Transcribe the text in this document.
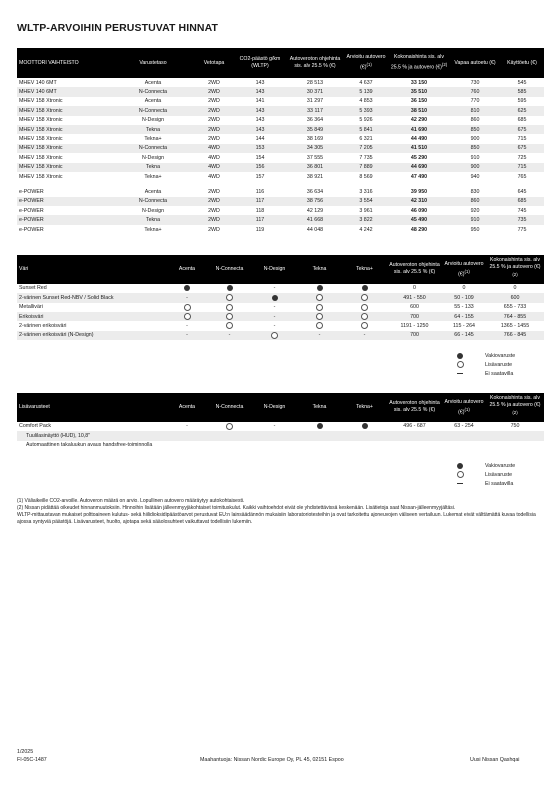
WLTP-ARVOIHIN PERUSTUVAT HINNAT
MOOTTORI VAIHTEISTO	Varustetaso	Vetotapa	CO2-päästö g/km (WLTP)	Autoveroton ohjehinta sis. alv 25.5 % (€)	Arvioitu autovero (€)$^{(1)}$	Kokonaishinta sis. alv 25.5 % ja autovero (€)$^{(2)}$	Vapaa autoetu (€)	Käyttöetu (€)
MHEV 140 6MT	Acenta	2WD	143	28 513	4 637	33 150	730	545
MHEV 140 6MT	N-Connecta	2WD	143	30 371	5 139	35 510	760	585
MHEV 158 Xtronic	Acenta	2WD	141	31 297	4 853	36 150	770	595
MHEV 158 Xtronic	N-Connecta	2WD	143	33 117	5 393	38 510	810	625
MHEV 158 Xtronic	N-Design	2WD	143	36 364	5 926	42 290	860	685
MHEV 158 Xtronic	Tekna	2WD	143	35 849	5 841	41 690	850	675
MHEV 158 Xtronic	Tekna+	2WD	144	38 169	6 321	44 490	900	715
MHEV 158 Xtronic	N-Connecta	4WD	153	34 305	7 205	41 510	850	675
MHEV 158 Xtronic	N-Design	4WD	154	37 555	7 735	45 290	910	725
MHEV 158 Xtronic	Tekna	4WD	156	36 801	7 889	44 690	900	715
MHEV 158 Xtronic	Tekna+	4WD	157	38 921	8 569	47 490	940	765

e-POWER	Acenta	2WD	116	36 634	3 316	39 950	830	645
e-POWER	N-Connecta	2WD	117	38 756	3 554	42 310	860	685
e-POWER	N-Design	2WD	118	42 129	3 961	46 090	920	745
e-POWER	Tekna	2WD	117	41 668	3 822	45 490	910	735
e-POWER	Tekna+	2WD	119	44 048	4 242	48 290	950	775
Väri	Acenta	N-Connecta	N-Design	Tekna	Tekna+	Autoveroton ohjehinta sis. alv 25.5 % (€)	Arvioitu autovero (€)$^{(1)}$	Kokonaishinta sis. alv 25.5 % ja autovero (€)$^{(2)}$
Sunset Red			-			0	0	0
2-värinen Sunset Red-NBV / Solid Black	-					491 - 550	50 - 109	600
Metalliväri			-			600	55 - 133	655 - 733
Erikoisväri			-			700	64 - 155	764 - 855
2-värinen erikoisväri	-		-			1191 - 1250	115 - 264	1365 - 1455
2-värinen erikoisväri (N-Design)	-	-		-	-	700	66 - 145	766 - 845
Vakiovaruste
Lisävaruste
Ei saatavilla
Lisävarusteet	Acenta	N-Connecta	N-Design	Tekna	Tekna+	Autoveroton ohjehinta sis. alv 25.5 % (€)	Arvioitu autovero (€)$^{(1)}$	Kokonaishinta sis. alv 25.5 % ja autovero (€)$^{(2)}$
Comfort Pack	-		-			496 - 687	63 - 254	750
Tuulilasinäyttö (HUD), 10,8"								
Automaattinen takaluukun avaus handsfree-toiminnolla								
Vakiovaruste
Lisävaruste
Ei saatavilla

(1) Väliaikeille CO2-arvoille. Autoveron määrä on arvio. Lopullinen autovero määräytyy autokohtaisesti.

(2) Nissan pidättää oikeudet hinnanmuutoksiin. Hinnoihin lisätään jälleenmyyjäkohtaiset toimituskulut. Kaikki vaihtoehdot eivät ole yhdistettävissä keskenään. Lisätietoja saat Nissan-jälleenmyyjältäsi.

WLTP-mittaustavan mukaiset polttoaineen kulutus- sekä hiilidioksidipäästöarvot perustuvat EU:n lainsäädännön mukaisiin laboratoriotesteihin ja ovat tarkoitettu ajoneuvojen väliseen vertailuun. Lukemat eivät välttämättä kuvaa todellisia ajossa syntyviä päästöjä. Lisävarusteet, huolto, ajotapa sekä sääolosuhteet vaikuttavat todellisiin lukemiin.

1/2025
FI-05C-1487	Maahantuoja: Nissan Nordic Europe Oy, PL 45, 02151 Espoo	Uusi Nissan Qashqai
